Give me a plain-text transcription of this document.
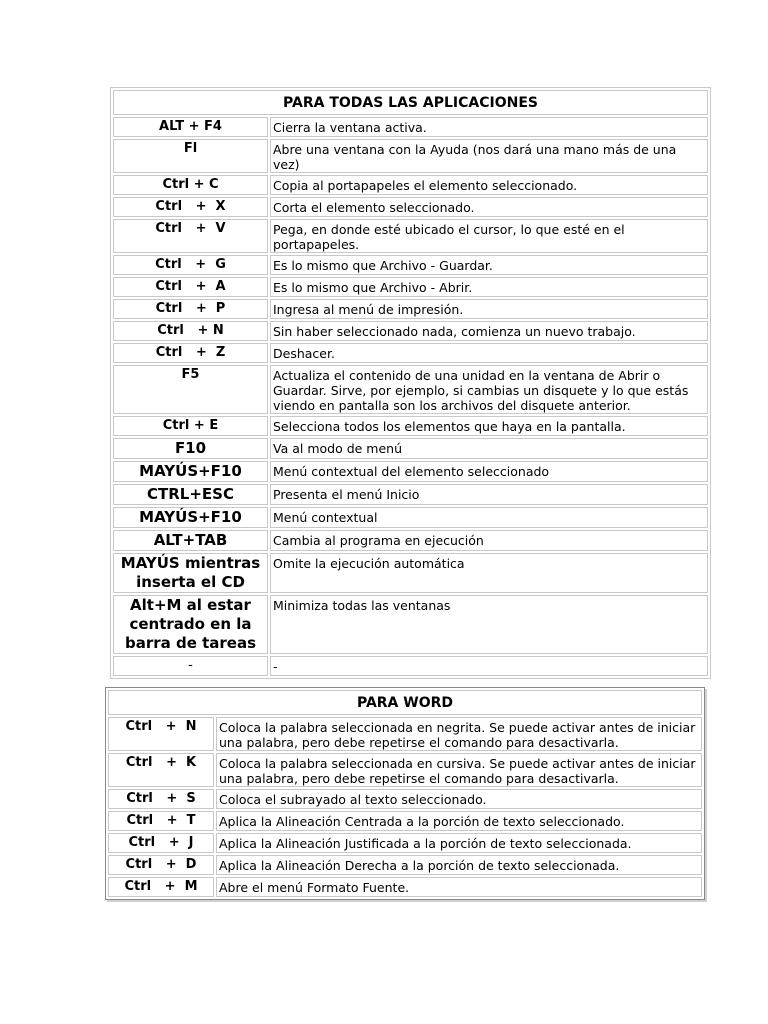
PARA TODAS LAS APLICACIONES	
ALT + F4	Cierra la ventana activa.
Fl	Abre una ventana con la Ayuda (nos dará una mano más de una vez)
Ctrl + C	Copia al portapapeles el elemento seleccionado.
Ctrl   +  X	Corta el elemento seleccionado.
Ctrl   +  V	Pega, en donde esté ubicado el cursor, lo que esté en el portapapeles.
Ctrl   +  G	Es lo mismo que Archivo - Guardar.
Ctrl   +  A	Es lo mismo que Archivo - Abrir.
Ctrl   +  P	Ingresa al menú de impresión.
Ctrl   + N	Sin haber seleccionado nada, comienza un nuevo trabajo.
Ctrl   +  Z	Deshacer.
F5	Actualiza el contenido de una unidad en la ventana de Abrir o Guardar. Sirve, por ejemplo, si cambias un disquete y lo que estás viendo en pantalla son los archivos del disquete anterior.
Ctrl + E	Selecciona todos los elementos que haya en la pantalla.
F10	Va al modo de menú
MAYÚS+F10	Menú contextual del elemento seleccionado
CTRL+ESC	Presenta el menú Inicio
MAYÚS+F10	Menú contextual
ALT+TAB	Cambia al programa en ejecución
MAYÚS mientras inserta el CD	Omite la ejecución automática
Alt+M al estar centrado en la barra de tareas	Minimiza todas las ventanas
-	-
PARA WORD	
Ctrl   +  N	Coloca la palabra seleccionada en negrita. Se puede activar antes de iniciar una palabra, pero debe repetirse el comando para desactivarla.
Ctrl   +  K	Coloca la palabra seleccionada en cursiva. Se puede activar antes de iniciar una palabra, pero debe repetirse el comando para desactivarla.
Ctrl   +  S	Coloca el subrayado al texto seleccionado.
Ctrl   +  T	Aplica la Alineación Centrada a la porción de texto seleccionado.
Ctrl   +  J	Aplica la Alineación Justificada a la porción de texto seleccionada.
Ctrl   +  D	Aplica la Alineación Derecha a la porción de texto seleccionada.
Ctrl   +  M	Abre el menú Formato Fuente.
